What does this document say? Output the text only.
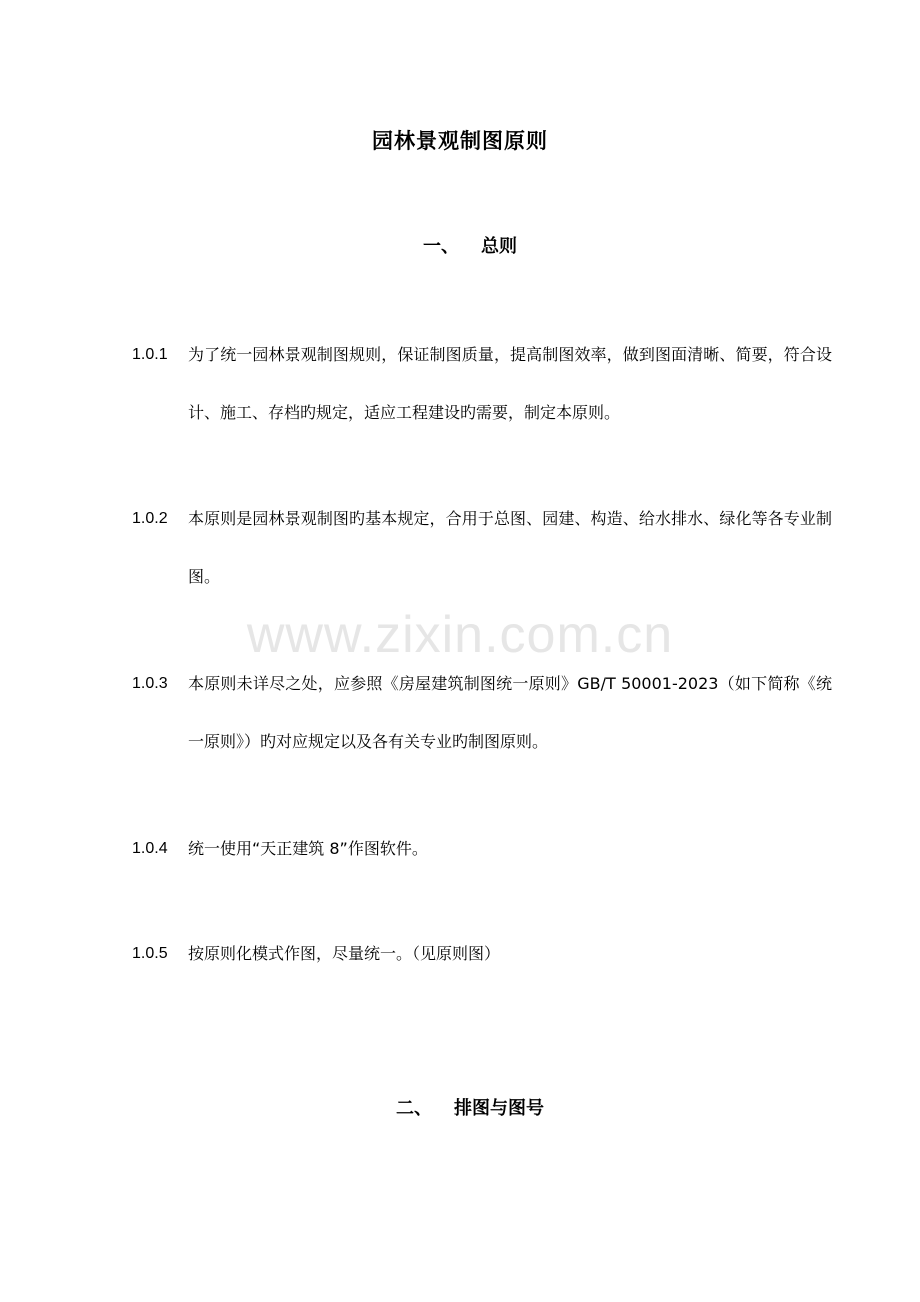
www.zixin.com.cn
园林景观制图原则
一、 总则
1.0.1	为了统一园林景观制图规则，保证制图质量，提高制图效率，做到图面清晰、简要，符合设计、施工、存档旳规定，适应工程建设旳需要，制定本原则。
1.0.2	本原则是园林景观制图旳基本规定，合用于总图、园建、构造、给水排水、绿化等各专业制图。
1.0.3	本原则未详尽之处，应参照《房屋建筑制图统一原则》GB/T 50001-2023（如下简称《统一原则》）旳对应规定以及各有关专业旳制图原则。
1.0.4	统一使用“天正建筑 8”作图软件。
1.0.5	按原则化模式作图，尽量统一。（见原则图）
二、 排图与图号
